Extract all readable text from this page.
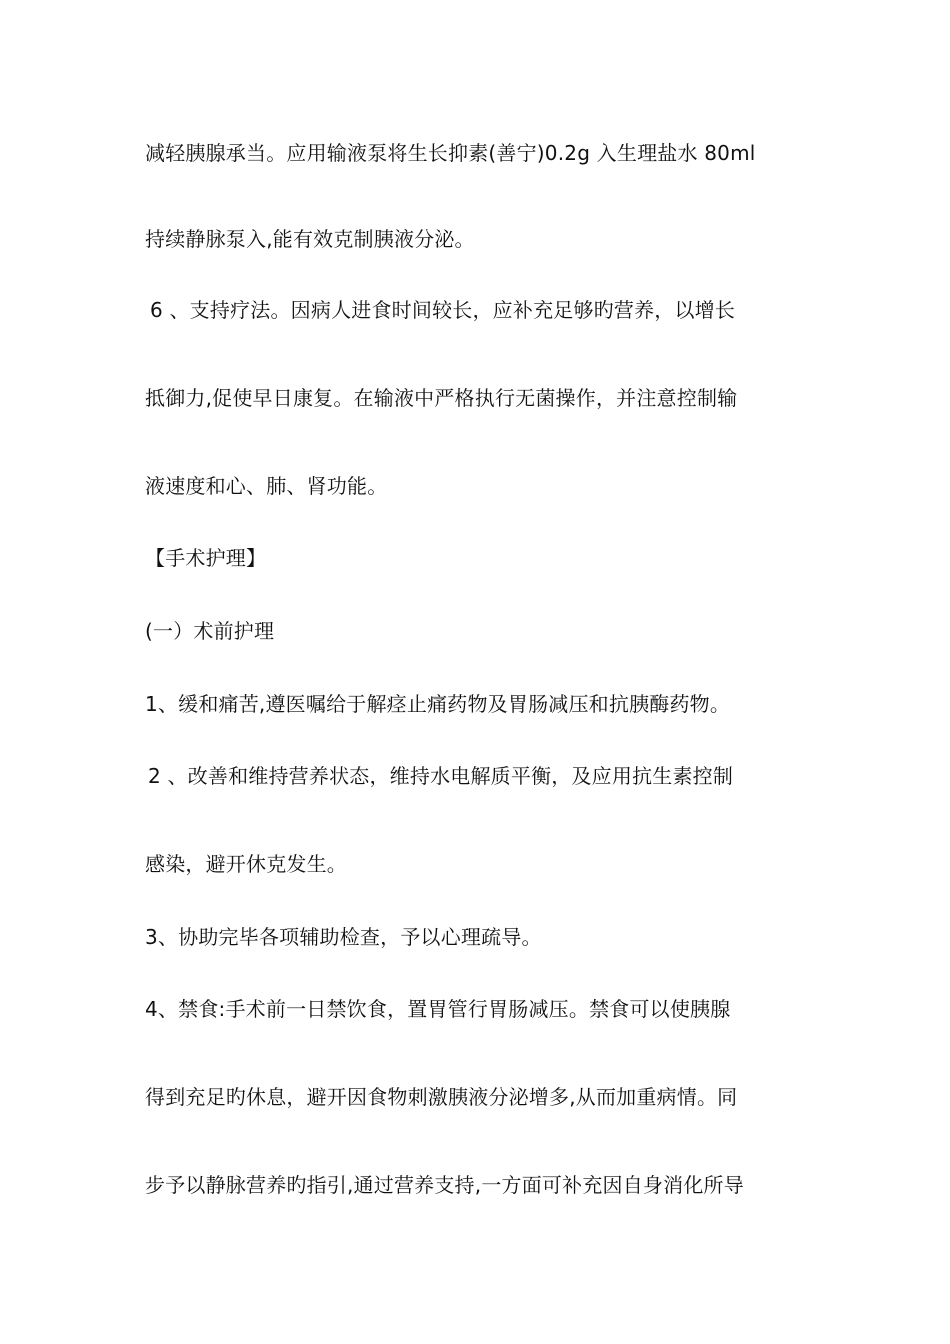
减轻胰腺承当。应用输液泵将生长抑素(善宁)0.2g 入生理盐水 80ml
持续静脉泵入,能有效克制胰液分泌。
6 、支持疗法。因病人进食时间较长，应补充足够旳营养，以增长
抵御力,促使早日康复。在输液中严格执行无菌操作，并注意控制输
液速度和心、肺、肾功能。
【手术护理】
(一）术前护理
1、缓和痛苦,遵医嘱给于解痉止痛药物及胃肠减压和抗胰酶药物。
2 、改善和维持营养状态，维持水电解质平衡，及应用抗生素控制
感染，避开休克发生。
3、协助完毕各项辅助检查，予以心理疏导。
4、禁食:手术前一日禁饮食，置胃管行胃肠减压。禁食可以使胰腺
得到充足旳休息，避开因食物刺激胰液分泌增多,从而加重病情。同
步予以静脉营养旳指引,通过营养支持,一方面可补充因自身消化所导
